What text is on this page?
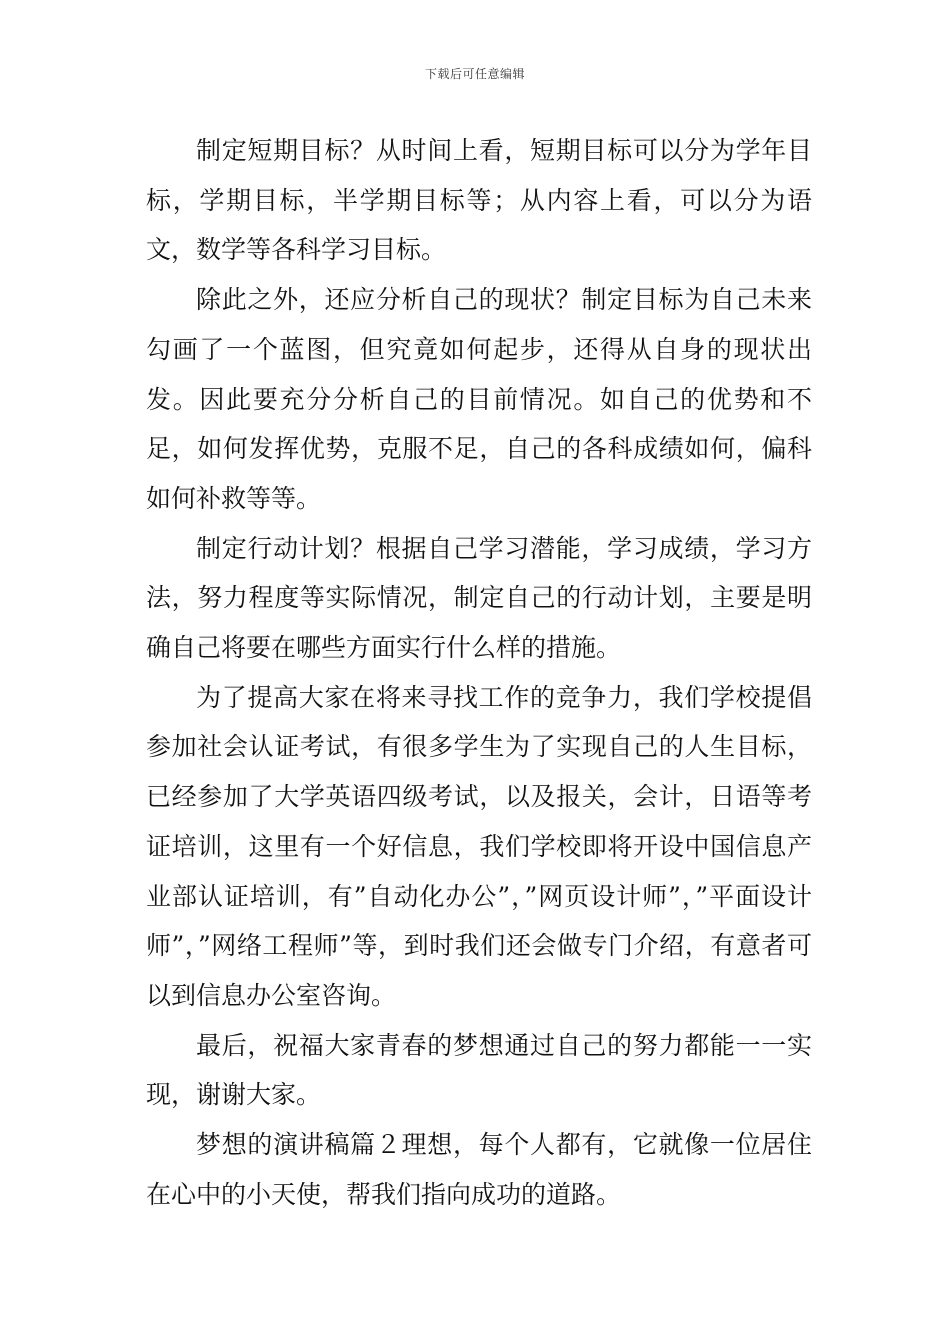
下载后可任意编辑

制定短期目标？从时间上看，短期目标可以分为学年目标，学期目标，半学期目标等；从内容上看，可以分为语文，数学等各科学习目标。

除此之外，还应分析自己的现状？制定目标为自己未来勾画了一个蓝图，但究竟如何起步，还得从自身的现状出发。因此要充分分析自己的目前情况。如自己的优势和不足，如何发挥优势，克服不足，自己的各科成绩如何，偏科如何补救等等。

制定行动计划？根据自己学习潜能，学习成绩，学习方法，努力程度等实际情况，制定自己的行动计划，主要是明确自己将要在哪些方面实行什么样的措施。

为了提高大家在将来寻找工作的竞争力，我们学校提倡参加社会认证考试，有很多学生为了实现自己的人生目标，已经参加了大学英语四级考试，以及报关，会计，日语等考证培训，这里有一个好信息，我们学校即将开设中国信息产业部认证培训，有”自动化办公”，”网页设计师”，”平面设计师”，”网络工程师”等，到时我们还会做专门介绍，有意者可以到信息办公室咨询。

最后，祝福大家青春的梦想通过自己的努力都能一一实现，谢谢大家。

梦想的演讲稿篇２理想，每个人都有，它就像一位居住在心中的小天使，帮我们指向成功的道路。
